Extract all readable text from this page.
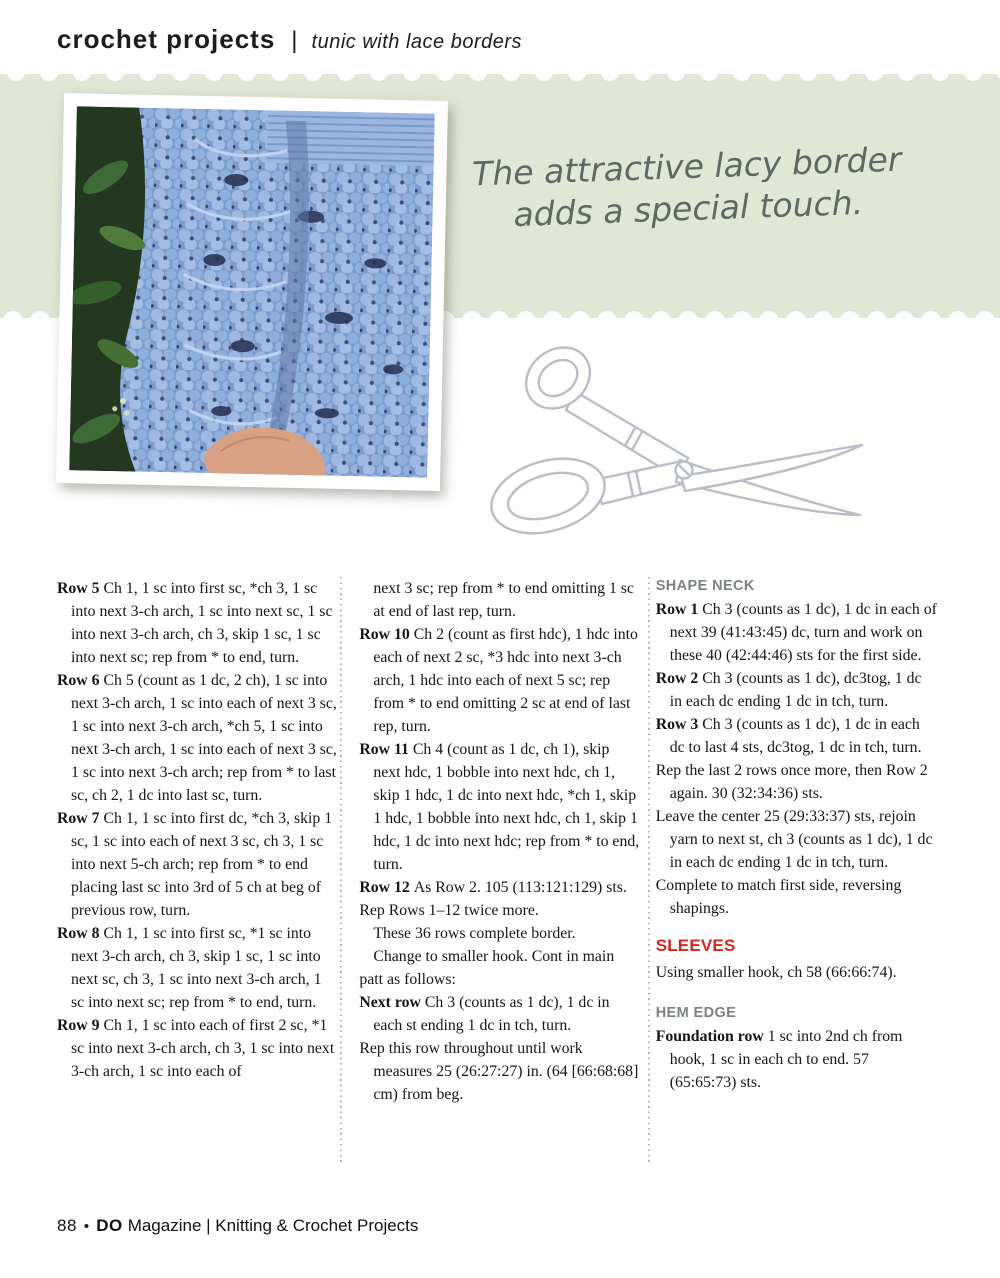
crochet projects | tunic with lace borders
The attractive lacy border
adds a special touch.

Row 5 Ch 1, 1 sc into first sc, *ch 3, 1 sc into next 3-ch arch, 1 sc into next sc, 1 sc into next 3-ch arch, ch 3, skip 1 sc, 1 sc into next sc; rep from * to end, turn.

Row 6 Ch 5 (count as 1 dc, 2 ch), 1 sc into next 3-ch arch, 1 sc into each of next 3 sc, 1 sc into next 3-ch arch, *ch 5, 1 sc into next 3-ch arch, 1 sc into each of next 3 sc, 1 sc into next 3-ch arch; rep from * to last sc, ch 2, 1 dc into last sc, turn.

Row 7 Ch 1, 1 sc into first dc, *ch 3, skip 1 sc, 1 sc into each of next 3 sc, ch 3, 1 sc into next 5-ch arch; rep from * to end placing last sc into 3rd of 5 ch at beg of previous row, turn.

Row 8 Ch 1, 1 sc into first sc, *1 sc into next 3-ch arch, ch 3, skip 1 sc, 1 sc into next sc, ch 3, 1 sc into next 3-ch arch, 1 sc into next sc; rep from * to end, turn.

Row 9 Ch 1, 1 sc into each of first 2 sc, *1 sc into next 3-ch arch, ch 3, 1 sc into next 3-ch arch, 1 sc into each of

next 3 sc; rep from * to end omitting 1 sc at end of last rep, turn.

Row 10 Ch 2 (count as first hdc), 1 hdc into each of next 2 sc, *3 hdc into next 3-ch arch, 1 hdc into each of next 5 sc; rep from * to end omitting 2 sc at end of last rep, turn.

Row 11 Ch 4 (count as 1 dc, ch 1), skip next hdc, 1 bobble into next hdc, ch 1, skip 1 hdc, 1 dc into next hdc, *ch 1, skip 1 hdc, 1 bobble into next hdc, ch 1, skip 1 hdc, 1 dc into next hdc; rep from * to end, turn.

Row 12 As Row 2. 105 (113:121:129) sts.

Rep Rows 1–12 twice more.

These 36 rows complete border.

Change to smaller hook. Cont in main patt as follows:

Next row Ch 3 (counts as 1 dc), 1 dc in each st ending 1 dc in tch, turn.

Rep this row throughout until work measures 25 (26:27:27) in. (64 [66:68:68] cm) from beg.

SHAPE NECK

Row 1 Ch 3 (counts as 1 dc), 1 dc in each of next 39 (41:43:45) dc, turn and work on these 40 (42:44:46) sts for the first side.

Row 2 Ch 3 (counts as 1 dc), dc3tog, 1 dc in each dc ending 1 dc in tch, turn.

Row 3 Ch 3 (counts as 1 dc), 1 dc in each dc to last 4 sts, dc3tog, 1 dc in tch, turn.

Rep the last 2 rows once more, then Row 2 again. 30 (32:34:36) sts.

Leave the center 25 (29:33:37) sts, rejoin yarn to next st, ch 3 (counts as 1 dc), 1 dc in each dc ending 1 dc in tch, turn.

Complete to match first side, reversing shapings.

SLEEVES

Using smaller hook, ch 58 (66:66:74).

HEM EDGE

Foundation row 1 sc into 2nd ch from hook, 1 sc in each ch to end. 57 (65:65:73) sts.

88 • DO Magazine | Knitting & Crochet Projects
